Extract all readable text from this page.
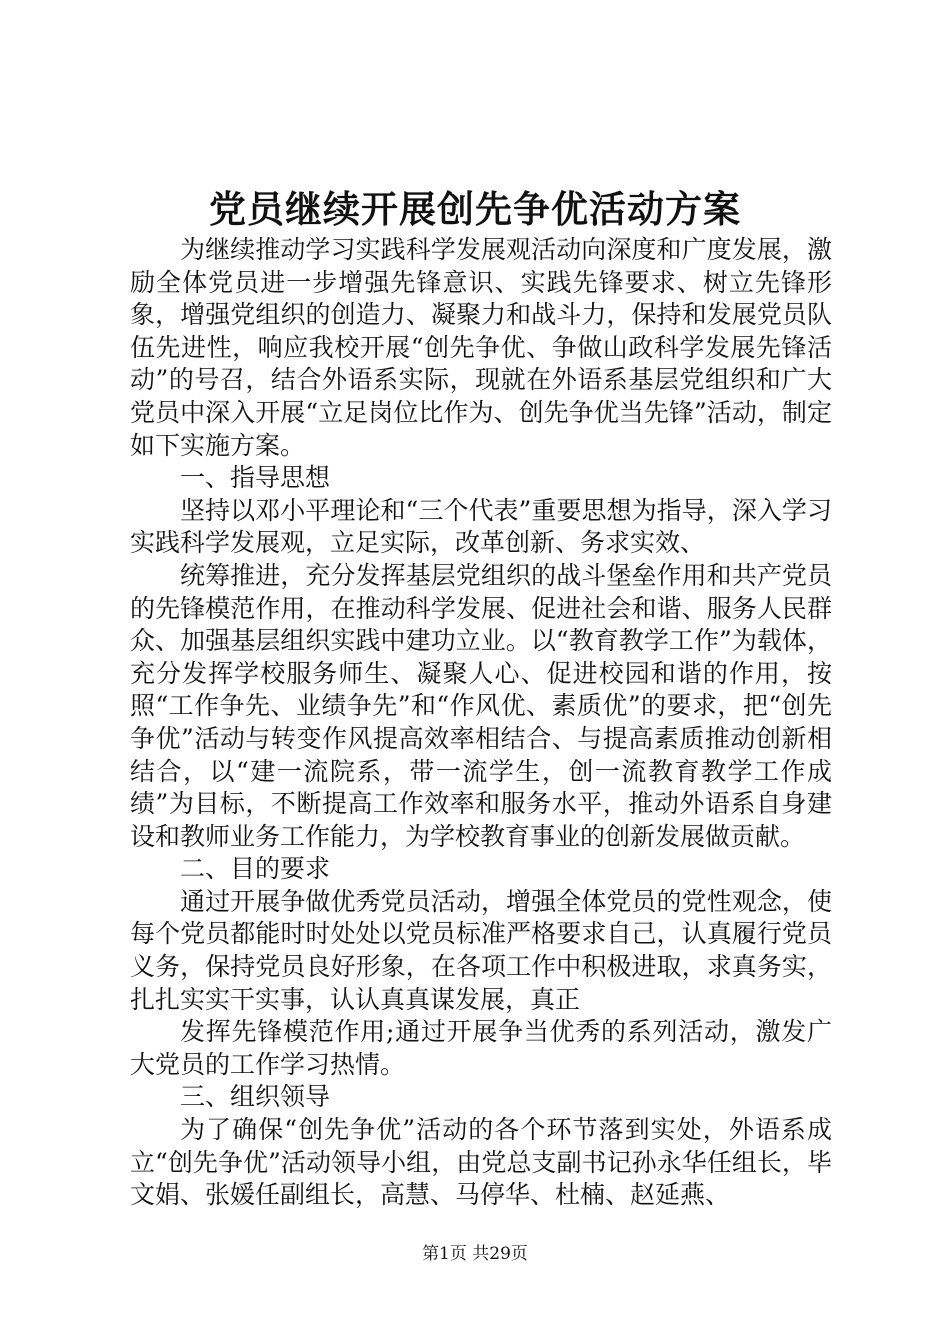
党员继续开展创先争优活动方案

为继续推动学习实践科学发展观活动向深度和广度发展，激励全体党员进一步增强先锋意识、实践先锋要求、树立先锋形象，增强党组织的创造力、凝聚力和战斗力，保持和发展党员队伍先进性，响应我校开展“创先争优、争做山政科学发展先锋活动”的号召，结合外语系实际，现就在外语系基层党组织和广大党员中深入开展“立足岗位比作为、创先争优当先锋”活动，制定如下实施方案。

一、指导思想

坚持以邓小平理论和“三个代表”重要思想为指导，深入学习实践科学发展观，立足实际，改革创新、务求实效、

统筹推进，充分发挥基层党组织的战斗堡垒作用和共产党员的先锋模范作用，在推动科学发展、促进社会和谐、服务人民群众、加强基层组织实践中建功立业。以“教育教学工作”为载体，充分发挥学校服务师生、凝聚人心、促进校园和谐的作用，按照“工作争先、业绩争先”和“作风优、素质优”的要求，把“创先争优”活动与转变作风提高效率相结合、与提高素质推动创新相结合，以“建一流院系，带一流学生，创一流教育教学工作成绩”为目标，不断提高工作效率和服务水平，推动外语系自身建设和教师业务工作能力，为学校教育事业的创新发展做贡献。

二、目的要求

通过开展争做优秀党员活动，增强全体党员的党性观念，使每个党员都能时时处处以党员标准严格要求自己，认真履行党员义务，保持党员良好形象，在各项工作中积极进取，求真务实，扎扎实实干实事，认认真真谋发展，真正

发挥先锋模范作用;通过开展争当优秀的系列活动，激发广大党员的工作学习热情。

三、组织领导

为了确保“创先争优”活动的各个环节落到实处，外语系成立“创先争优”活动领导小组，由党总支副书记孙永华任组长，毕文娟、张媛任副组长，高慧、马停华、杜楠、赵延燕、

第1页 共29页
